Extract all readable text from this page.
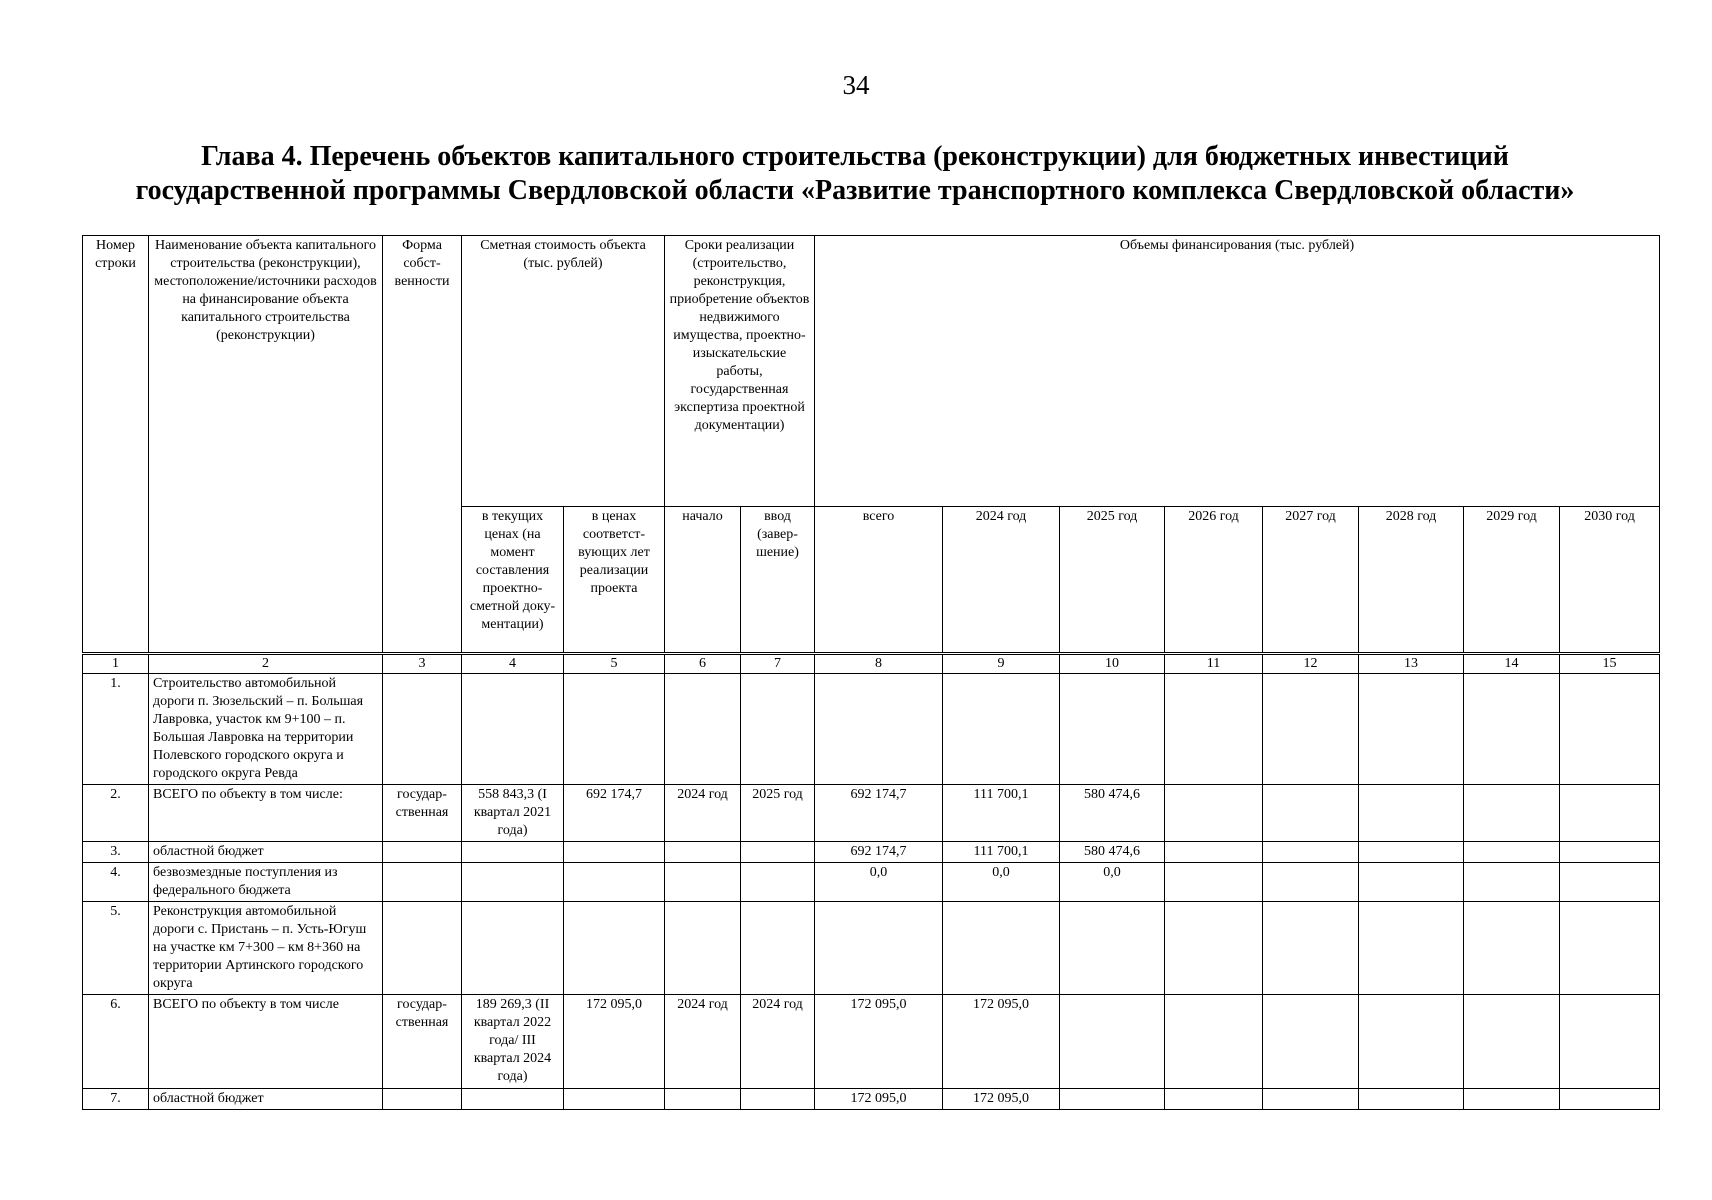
34
Глава 4. Перечень объектов капитального строительства (реконструкции) для бюджетных инвестиций
государственной программы Свердловской области «Развитие транспортного комплекса Свердловской области»
Номер строки	Наименование объекта капитального строительства (реконструкции), местоположение/источники расходов на финансирование объекта капитального строительства (реконструкции)	Форма собст-венности	Сметная стоимость объекта (тыс. рублей)		Сроки реализации (строительство, реконструкция, приобретение объектов недвижимого имущества, проектно-изыскательские работы, государственная экспертиза проектной документации)		Объемы финансирования (тыс. рублей)							
			в текущих ценах (на момент составления проектно-сметной доку-ментации)	в ценах соответст-вующих лет реализации проекта	начало	ввод (завер-шение)	всего	2024 год	2025 год	2026 год	2027 год	2028 год	2029 год	2030 год
1	2	3	4	5	6	7	8	9	10	11	12	13	14	15
1.	Строительство автомобильной дороги п. Зюзельский – п. Большая Лавровка, участок км 9+100 – п. Большая Лавровка на территории Полевского городского округа и городского округа Ревда													
2.	ВСЕГО по объекту в том числе:	государ-ственная	558 843,3 (I квартал 2021 года)	692 174,7	2024 год	2025 год	692 174,7	111 700,1	580 474,6					
3.	областной бюджет						692 174,7	111 700,1	580 474,6					
4.	безвозмездные поступления из федерального бюджета						0,0	0,0	0,0					
5.	Реконструкция автомобильной дороги с. Пристань – п. Усть-Югуш на участке км 7+300 – км 8+360 на территории Артинского городского округа													
6.	ВСЕГО по объекту в том числе	государ-ственная	189 269,3 (II квартал 2022 года/ III квартал 2024 года)	172 095,0	2024 год	2024 год	172 095,0	172 095,0						
7.	областной бюджет						172 095,0	172 095,0						
